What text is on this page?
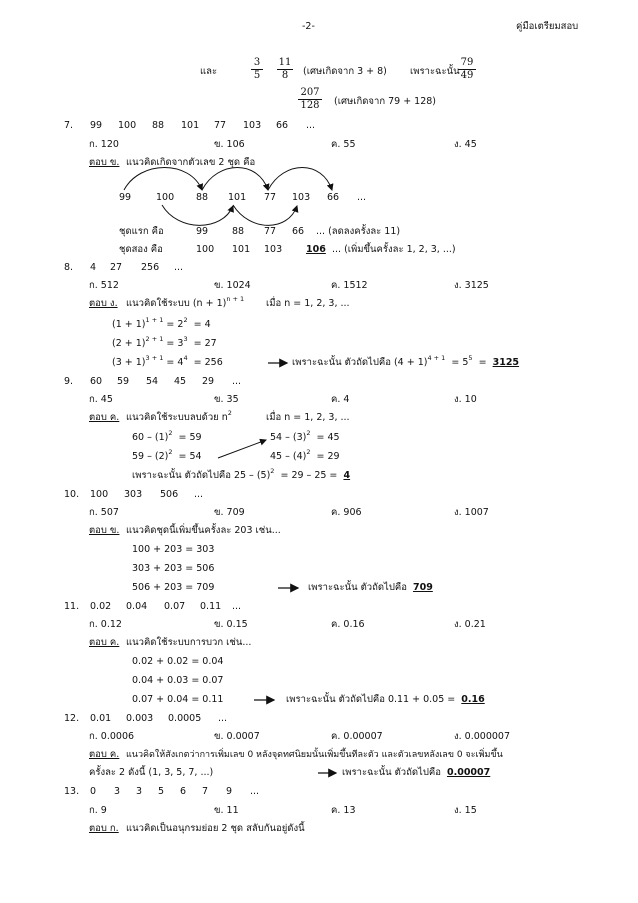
-2-	คู่มือเตรียมสอบ
และ	$\frac{3}{5} \frac{11}{8}$ (เศษเกิดจาก 3 + 8) เพราะฉะนั้น
$\frac{79}{49}$
$\frac{207}{128}$ (เศษเกิดจาก 79 + 128)
7. 99 100 88 101 77 103 66 ...
ก. 120	ข. 106	ค. 55	ง. 45
ตอบ ข. แนวคิดเกิดจากตัวเลข 2 ชุด คือ
99	100 88 101 77 103 66 ...
ชุดแรก คือ	99	88 77 66 ... (ลดลงครั้งละ 11)
ชุดสอง คือ	100 101 103	106 ... (เพิ่มขึ้นครั้งละ 1, 2, 3, ...)
8. 4 27 256 ...
ก. 512	ข. 1024	ค. 1512	ง. 3125
ตอบ ง. แนวคิดใช้ระบบ $(n + 1)^{n + 1}$ เมื่อ n = 1, 2, 3, ...
$(1 + 1)^{1 + 1} = 2^2 = 4$
$(2 + 1)^{2 + 1} = 3^3 = 27$
$(3 + 1)^{3 + 1} = 4^4 = 256$	เพราะฉะนั้น ตัวถัดไปคือ $(4 + 1)^{4 + 1} = 5^5 = 3125$
9. 60 59 54 45 29 ...
ก. 45	ข. 35	ค. 4	ง. 10
ตอบ ค. แนวคิดใช้ระบบลบด้วย $n^2$	เมื่อ n = 1, 2, 3, ...
$60 - (1)^2 = 59$	$54 - (3)^2 = 45$
$59 - (2)^2 = 54$	$45 - (4)^2 = 29$
เพราะฉะนั้น ตัวถัดไปคือ $25 - (5)^2 = 29 - 25 = 4$
10. 100 303 506 ...
ก. 507	ข. 709	ค. 906	ง. 1007
ตอบ ข. แนวคิดชุดนี้เพิ่มขึ้นครั้งละ 203 เช่น...
100 + 203 = 303
303 + 203 = 506
506 + 203 = 709	เพราะฉะนั้น ตัวถัดไปคือ 709
11. 0.02 0.04 0.07 0.11 ...
ก. 0.12	ข. 0.15	ค. 0.16	ง. 0.21
ตอบ ค. แนวคิดใช้ระบบการบวก เช่น...
0.02 + 0.02 = 0.04
0.04 + 0.03 = 0.07
0.07 + 0.04 = 0.11	เพราะฉะนั้น ตัวถัดไปคือ 0.11 + 0.05 = 0.16
12. 0.01 0.003 0.0005 ...
ก. 0.0006	ข. 0.0007	ค. 0.00007	ง. 0.000007
ตอบ ค. แนวคิดให้สังเกตว่าการเพิ่มเลข 0 หลังจุดทศนิยมนั้นเพิ่มขึ้นทีละตัว และตัวเลขหลังเลข 0 จะเพิ่มขึ้น
ครั้งละ 2 ดังนี้ (1, 3, 5, 7, ...)	เพราะฉะนั้น ตัวถัดไปคือ 0.00007
13. 0 3 3 5 6 7 9 ...
ก. 9	ข. 11	ค. 13	ง. 15
ตอบ ก. แนวคิดเป็นอนุกรมย่อย 2 ชุด สลับกันอยู่ดังนี้
